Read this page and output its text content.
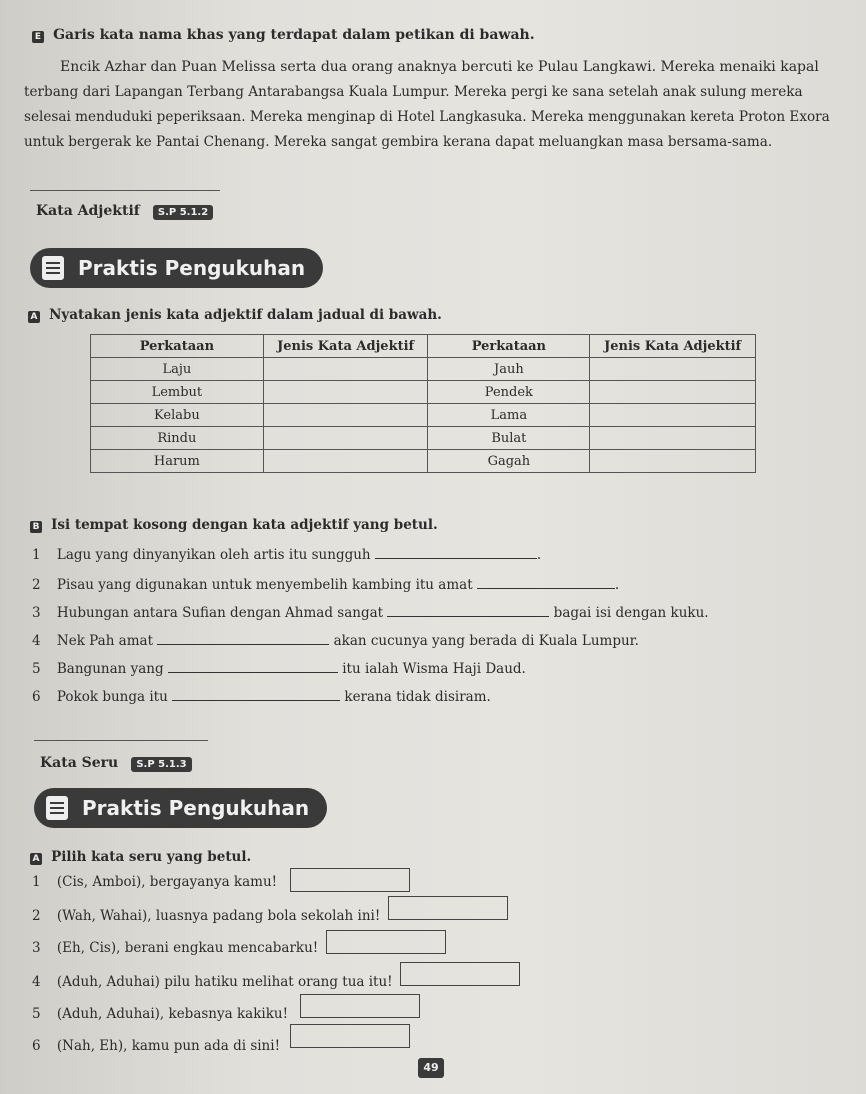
E Garis kata nama khas yang terdapat dalam petikan di bawah.
Encik Azhar dan Puan Melissa serta dua orang anaknya bercuti ke Pulau Langkawi. Mereka menaiki kapal
terbang dari Lapangan Terbang Antarabangsa Kuala Lumpur. Mereka pergi ke sana setelah anak sulung mereka
selesai menduduki peperiksaan. Mereka menginap di Hotel Langkasuka. Mereka menggunakan kereta Proton Exora
untuk bergerak ke Pantai Chenang. Mereka sangat gembira kerana dapat meluangkan masa bersama-sama.
Kata Adjektif S.P 5.1.2
Praktis Pengukuhan
A Nyatakan jenis kata adjektif dalam jadual di bawah.
Perkataan	Jenis Kata Adjektif	Perkataan	Jenis Kata Adjektif
Laju		Jauh	
Lembut		Pendek	
Kelabu		Lama	
Rindu		Bulat	
Harum		Gagah	
B Isi tempat kosong dengan kata adjektif yang betul.
1 Lagu yang dinyanyikan oleh artis itu sungguh	.
2 Pisau yang digunakan untuk menyembelih kambing itu amat	.
3 Hubungan antara Sufian dengan Ahmad sangat	bagai isi dengan kuku.
4 Nek Pah amat	akan cucunya yang berada di Kuala Lumpur.
5 Bangunan yang	itu ialah Wisma Haji Daud.
6 Pokok bunga itu	kerana tidak disiram.
Kata Seru S.P 5.1.3
Praktis Pengukuhan
A Pilih kata seru yang betul.
1 (Cis, Amboi), bergayanya kamu!
2 (Wah, Wahai), luasnya padang bola sekolah ini!
3 (Eh, Cis), berani engkau mencabarku!
4 (Aduh, Aduhai) pilu hatiku melihat orang tua itu!
5 (Aduh, Aduhai), kebasnya kakiku!
6 (Nah, Eh), kamu pun ada di sini!
49
